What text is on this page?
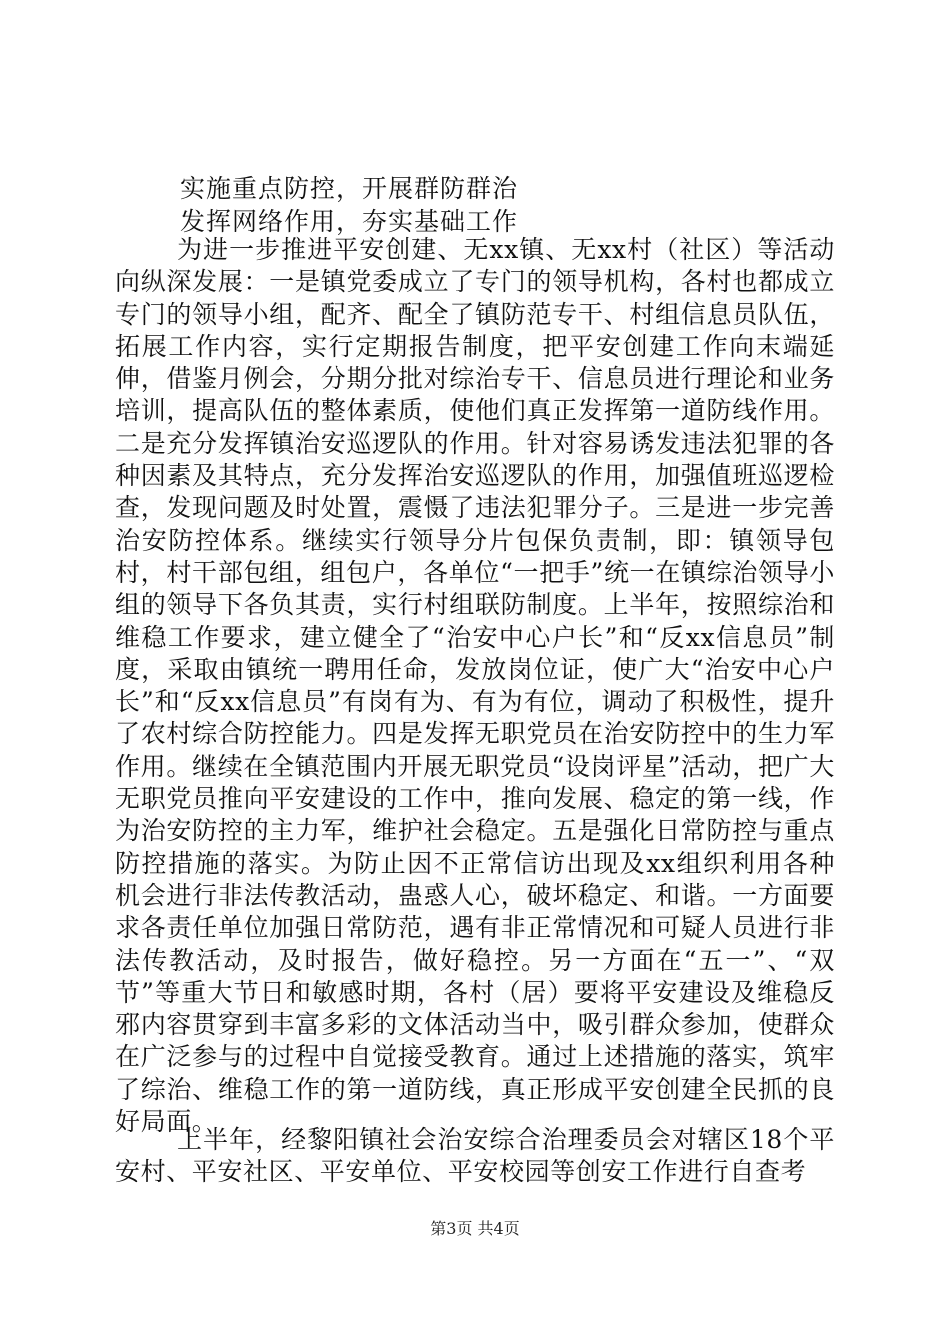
实施重点防控，开展群防群治
发挥网络作用，夯实基础工作

为进一步推进平安创建、无xx镇、无xx村（社区）等活动向纵深发展：一是镇党委成立了专门的领导机构，各村也都成立专门的领导小组，配齐、配全了镇防范专干、村组信息员队伍，拓展工作内容，实行定期报告制度，把平安创建工作向末端延伸，借鉴月例会，分期分批对综治专干、信息员进行理论和业务培训，提高队伍的整体素质，使他们真正发挥第一道防线作用。二是充分发挥镇治安巡逻队的作用。针对容易诱发违法犯罪的各种因素及其特点，充分发挥治安巡逻队的作用，加强值班巡逻检查，发现问题及时处置，震慑了违法犯罪分子。三是进一步完善治安防控体系。继续实行领导分片包保负责制，即：镇领导包村，村干部包组，组包户，各单位“一把手”统一在镇综治领导小组的领导下各负其责，实行村组联防制度。上半年，按照综治和维稳工作要求，建立健全了“治安中心户长”和“反xx信息员”制度，采取由镇统一聘用任命，发放岗位证，使广大“治安中心户长”和“反xx信息员”有岗有为、有为有位，调动了积极性，提升了农村综合防控能力。四是发挥无职党员在治安防控中的生力军作用。继续在全镇范围内开展无职党员“设岗评星”活动，把广大无职党员推向平安建设的工作中，推向发展、稳定的第一线，作为治安防控的主力军，维护社会稳定。五是强化日常防控与重点防控措施的落实。为防止因不正常信访出现及xx组织利用各种机会进行非法传教活动，蛊惑人心，破坏稳定、和谐。一方面要求各责任单位加强日常防范，遇有非正常情况和可疑人员进行非法传教活动，及时报告，做好稳控。另一方面在“五一”、“双节”等重大节日和敏感时期，各村（居）要将平安建设及维稳反邪内容贯穿到丰富多彩的文体活动当中，吸引群众参加，使群众在广泛参与的过程中自觉接受教育。通过上述措施的落实，筑牢了综治、维稳工作的第一道防线，真正形成平安创建全民抓的良好局面。

上半年，经黎阳镇社会治安综合治理委员会对辖区18个平安村、平安社区、平安单位、平安校园等创安工作进行自查考

第3页 共4页
